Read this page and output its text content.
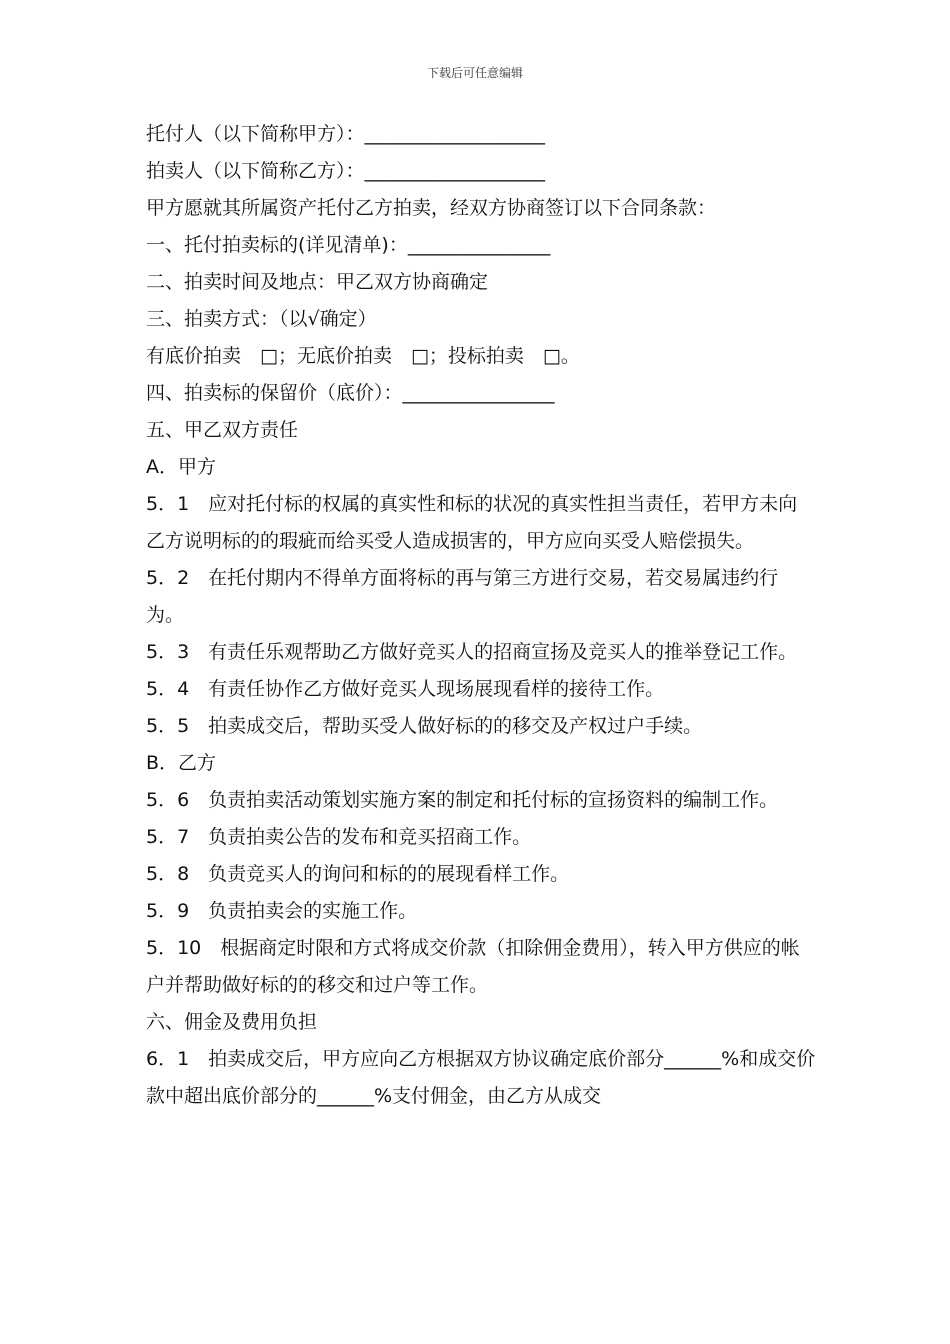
下载后可任意编辑
托付人（以下简称甲方）：___________________
拍卖人（以下简称乙方）：___________________
甲方愿就其所属资产托付乙方拍卖，经双方协商签订以下合同条款：
一、托付拍卖标的(详见清单)：_______________
二、拍卖时间及地点：甲乙双方协商确定
三、拍卖方式：（以√确定）
有底价拍卖　□；无底价拍卖　□；投标拍卖　□。
四、拍卖标的保留价（底价）：________________
五、甲乙双方责任
A．甲方
5．1　应对托付标的权属的真实性和标的状况的真实性担当责任，若甲方未向乙方说明标的的瑕疵而给买受人造成损害的，甲方应向买受人赔偿损失。
5．2　在托付期内不得单方面将标的再与第三方进行交易，若交易属违约行为。
5．3　有责任乐观帮助乙方做好竞买人的招商宣扬及竞买人的推举登记工作。
5．4　有责任协作乙方做好竞买人现场展现看样的接待工作。
5．5　拍卖成交后，帮助买受人做好标的的移交及产权过户手续。
B．乙方
5．6　负责拍卖活动策划实施方案的制定和托付标的宣扬资料的编制工作。
5．7　负责拍卖公告的发布和竞买招商工作。
5．8　负责竞买人的询问和标的的展现看样工作。
5．9　负责拍卖会的实施工作。
5．10　根据商定时限和方式将成交价款（扣除佣金费用），转入甲方供应的帐户并帮助做好标的的移交和过户等工作。
六、佣金及费用负担
6．1　拍卖成交后，甲方应向乙方根据双方协议确定底价部分______%和成交价款中超出底价部分的______%支付佣金，由乙方从成交
